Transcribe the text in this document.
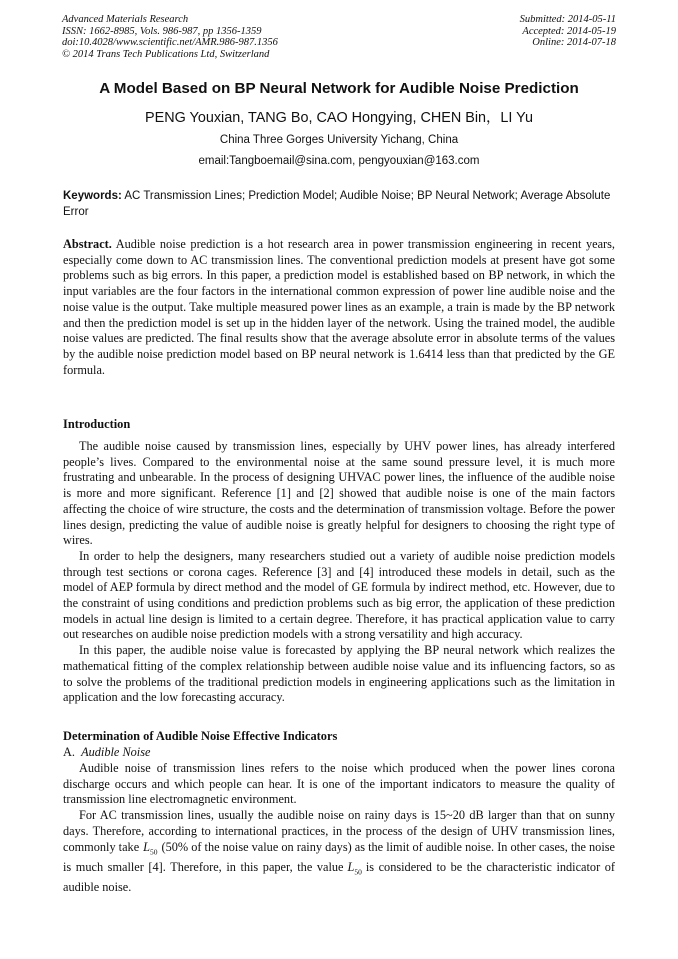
Advanced Materials Research
ISSN: 1662-8985, Vols. 986-987, pp 1356-1359
doi:10.4028/www.scientific.net/AMR.986-987.1356
© 2014 Trans Tech Publications Ltd, Switzerland
Submitted: 2014-05-11
Accepted: 2014-05-19
Online: 2014-07-18
A Model Based on BP Neural Network for Audible Noise Prediction
PENG Youxian, TANG Bo, CAO Hongying, CHEN Bin，LI Yu
China Three Gorges University Yichang, China
email:Tangboemail@sina.com, pengyouxian@163.com
Keywords: AC Transmission Lines; Prediction Model; Audible Noise; BP Neural Network; Average Absolute Error

Abstract. Audible noise prediction is a hot research area in power transmission engineering in recent years, especially come down to AC transmission lines. The conventional prediction models at present have got some problems such as big errors. In this paper, a prediction model is established based on BP network, in which the input variables are the four factors in the international common expression of power line audible noise and the noise value is the output. Take multiple measured power lines as an example, a train is made by the BP network and then the prediction model is set up in the hidden layer of the network. Using the trained model, the audible noise values are predicted. The final results show that the average absolute error in absolute terms of the values by the audible noise prediction model based on BP neural network is 1.6414 less than that predicted by the GE formula.

Introduction

The audible noise caused by transmission lines, especially by UHV power lines, has already interfered people’s lives. Compared to the environmental noise at the same sound pressure level, it is much more frustrating and unbearable. In the process of designing UHVAC power lines, the influence of the audible noise is more and more significant. Reference [1] and [2] showed that audible noise is one of the main factors affecting the choice of wire structure, the costs and the determination of transmission voltage. Before the power lines design, predicting the value of audible noise is greatly helpful for designers to choosing the right type of wires.

In order to help the designers, many researchers studied out a variety of audible noise prediction models through test sections or corona cages. Reference [3] and [4] introduced these models in detail, such as the model of AEP formula by direct method and the model of GE formula by indirect method, etc. However, due to the constraint of using conditions and prediction problems such as big error, the application of these prediction models in actual line design is limited to a certain degree. Therefore, it has practical application value to carry out researches on audible noise prediction models with a strong versatility and high accuracy.

In this paper, the audible noise value is forecasted by applying the BP neural network which realizes the mathematical fitting of the complex relationship between audible noise value and its influencing factors, so as to solve the problems of the traditional prediction models in engineering applications such as the limitation in application and the low forecasting accuracy.

Determination of Audible Noise Effective Indicators
A. Audible Noise

Audible noise of transmission lines refers to the noise which produced when the power lines corona discharge occurs and which people can hear. It is one of the important indicators to measure the quality of transmission line electromagnetic environment.

For AC transmission lines, usually the audible noise on rainy days is 15~20 dB larger than that on sunny days. Therefore, according to international practices, in the process of the design of UHV transmission lines, commonly take $L_{50}$ (50% of the noise value on rainy days) as the limit of audible noise. In other cases, the noise is much smaller [4]. Therefore, in this paper, the value $L_{50}$ is considered to be the characteristic indicator of audible noise.
